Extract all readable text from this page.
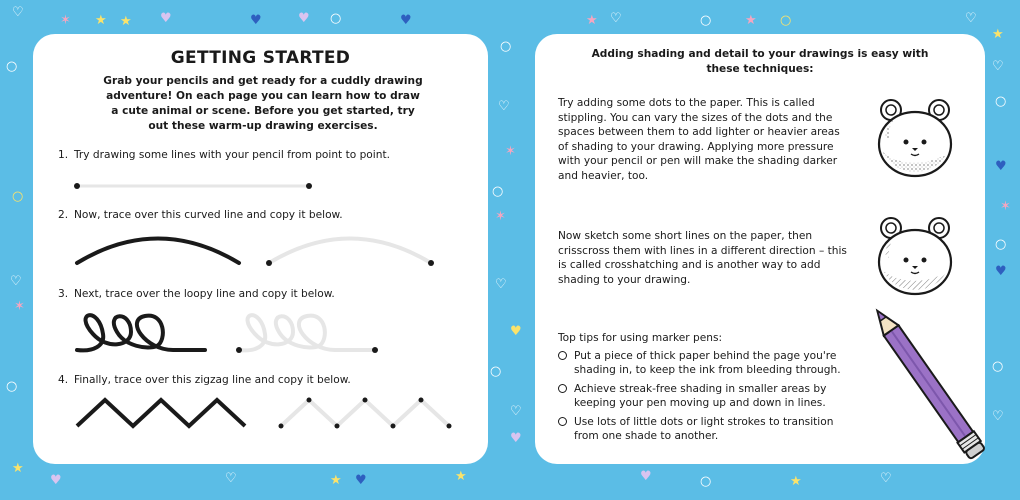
♡
✶ ★	♥
★	♥	♥ ○	♥
○
♡
✶
○
✶
♡
♥
♡
♥
○
★ ♡	○	★ ○	♡
★
♡
○
♥
✶
○
♥
○
♡
○
○
♡
✶
○
★
♥	♡	★ ♥	★	♥	○	★	♡
GETTING STARTED
Grab your pencils and get ready for a cuddly drawing adventure! On each page you can learn how to draw a cute animal or scene. Before you get started, try out these warm-up drawing exercises.
1. Try drawing some lines with your pencil from point to point.
2. Now, trace over this curved line and copy it below.
3. Next, trace over the loopy line and copy it below.
4. Finally, trace over this zigzag line and copy it below.
Adding shading and detail to your drawings is easy with these techniques:
Try adding some dots to the paper. This is called stippling. You can vary the sizes of the dots and the spaces between them to add lighter or heavier areas of shading to your drawing. Applying more pressure with your pencil or pen will make the shading darker and heavier, too.
Now sketch some short lines on the paper, then crisscross them with lines in a different direction – this is called crosshatching and is another way to add shading to your drawing.
Top tips for using marker pens:
Put a piece of thick paper behind the page you're shading in, to keep the ink from bleeding through.
Achieve streak-free shading in smaller areas by keeping your pen moving up and down in lines.
Use lots of little dots or light strokes to transition from one shade to another.
